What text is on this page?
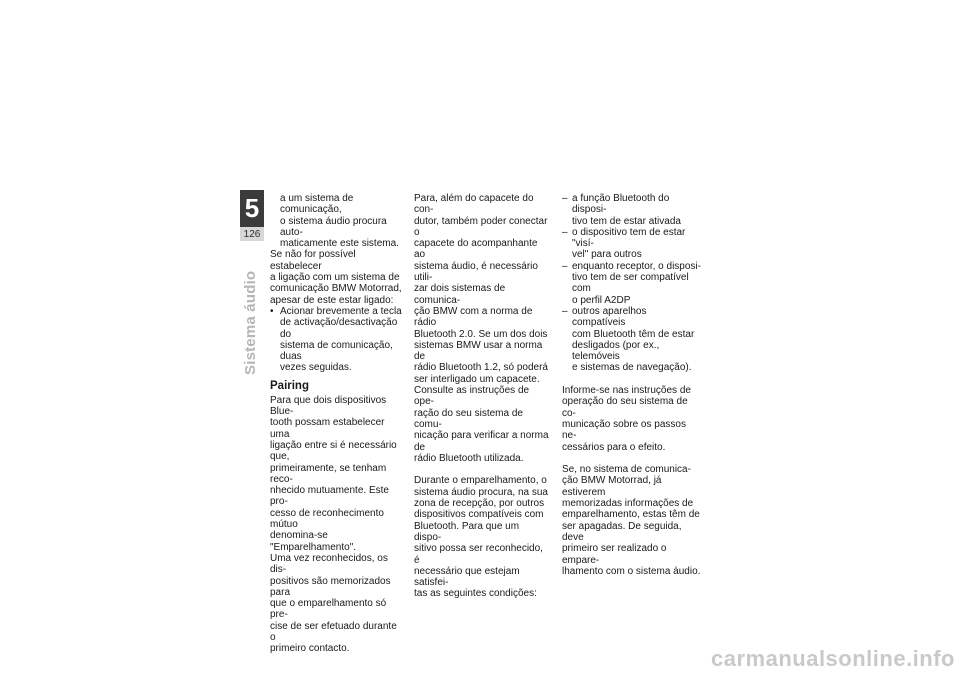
5
126
Sistema áudio

a um sistema de comunicação,

o sistema áudio procura auto-

maticamente este sistema.

Se não for possível estabelecer

a ligação com um sistema de

comunicação BMW Motorrad,

apesar de este estar ligado:

• Acionar brevemente a tecla

de activação/desactivação do

sistema de comunicação, duas

vezes seguidas.

Pairing

Para que dois dispositivos Blue-

tooth possam estabelecer uma

ligação entre si é necessário que,

primeiramente, se tenham reco-

nhecido mutuamente. Este pro-

cesso de reconhecimento mútuo

denomina-se "Emparelhamento".

Uma vez reconhecidos, os dis-

positivos são memorizados para

que o emparelhamento só pre-

cise de ser efetuado durante o

primeiro contacto.

Para, além do capacete do con-

dutor, também poder conectar o

capacete do acompanhante ao

sistema áudio, é necessário utili-

zar dois sistemas de comunica-

ção BMW com a norma de rádio

Bluetooth 2.0. Se um dos dois

sistemas BMW usar a norma de

rádio Bluetooth 1.2, só poderá

ser interligado um capacete.

Consulte as instruções de ope-

ração do seu sistema de comu-

nicação para verificar a norma de

rádio Bluetooth utilizada.

Durante o emparelhamento, o

sistema áudio procura, na sua

zona de recepção, por outros

dispositivos compatíveis com

Bluetooth. Para que um dispo-

sitivo possa ser reconhecido, é

necessário que estejam satisfei-

tas as seguintes condições:

– a função Bluetooth do disposi-

tivo tem de estar ativada

– o dispositivo tem de estar "visí-

vel" para outros

– enquanto receptor, o disposi-

tivo tem de ser compatível com

o perfil A2DP

– outros aparelhos compatíveis

com Bluetooth têm de estar

desligados (por ex., telemóveis

e sistemas de navegação).

Informe-se nas instruções de

operação do seu sistema de co-

municação sobre os passos ne-

cessários para o efeito.

Se, no sistema de comunica-

ção BMW Motorrad, já estiverem

memorizadas informações de

emparelhamento, estas têm de

ser apagadas. De seguida, deve

primeiro ser realizado o empare-

lhamento com o sistema áudio.

carmanualsonline.info
